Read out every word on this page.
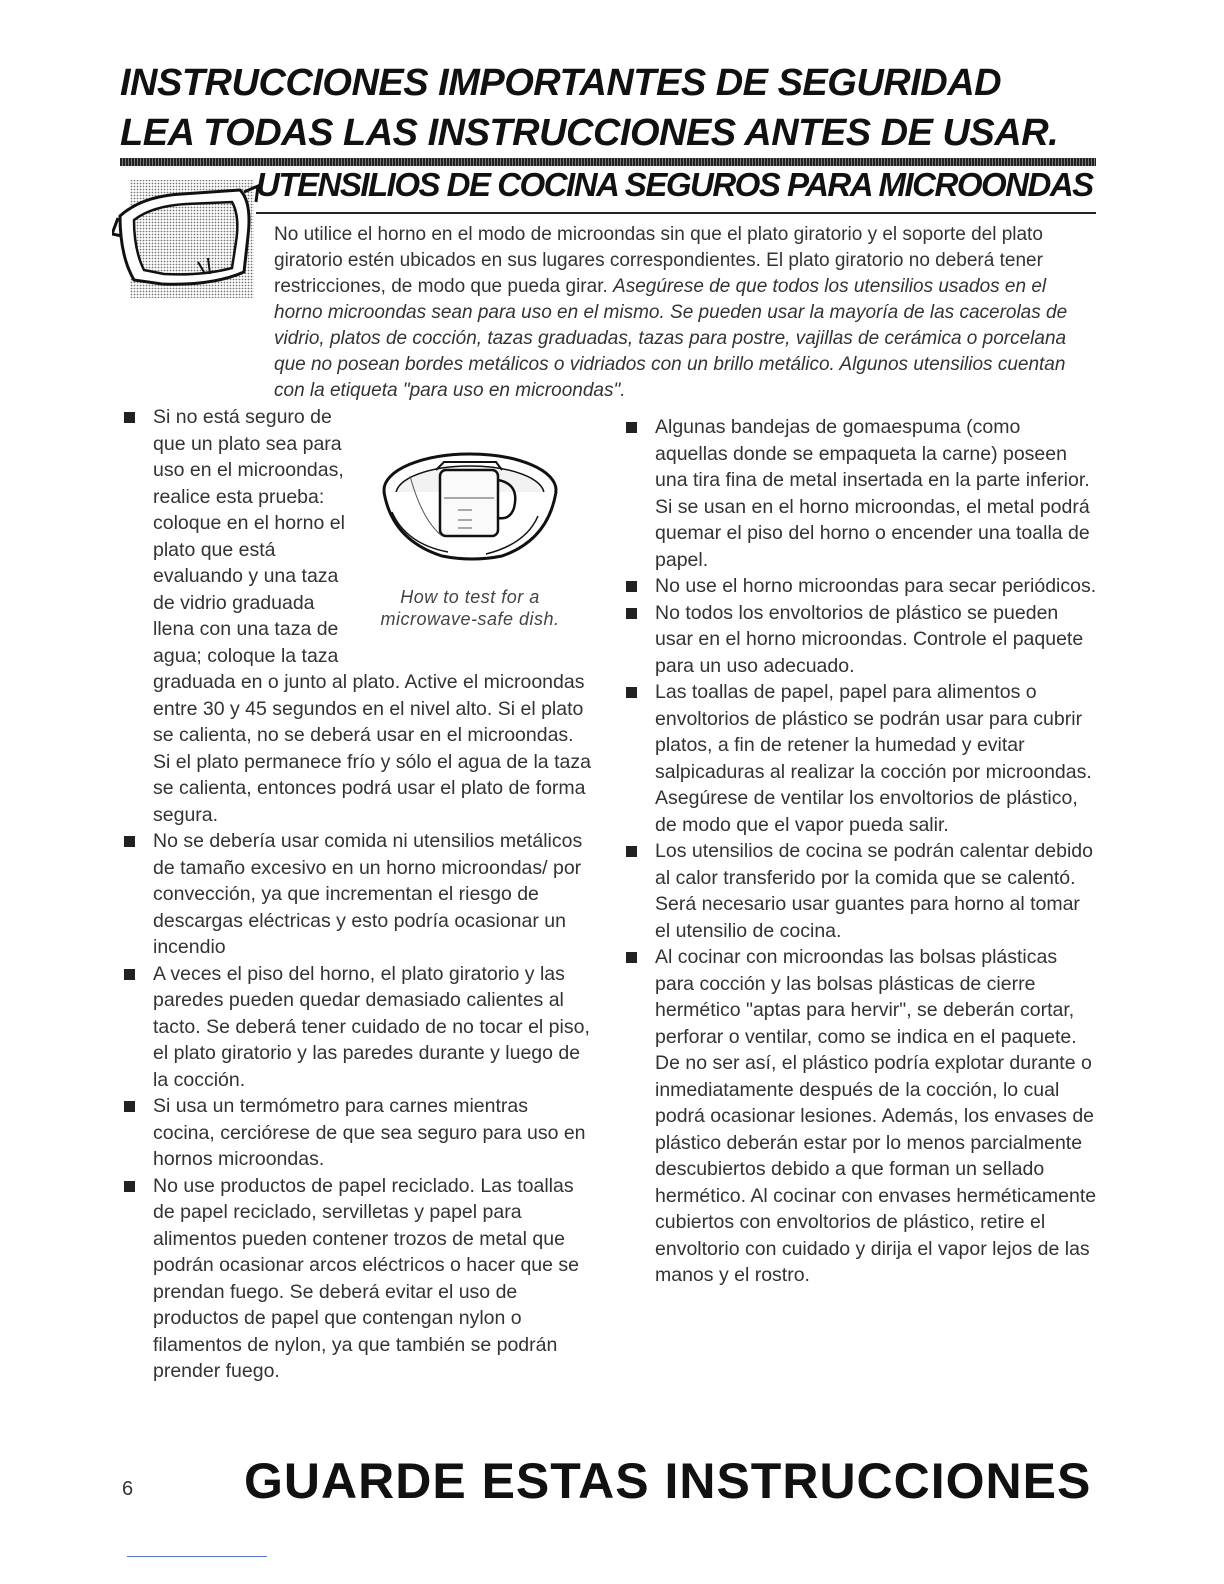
INSTRUCCIONES IMPORTANTES DE SEGURIDAD
LEA TODAS LAS INSTRUCCIONES ANTES DE USAR.
UTENSILIOS DE COCINA SEGUROS PARA MICROONDAS
No utilice el horno en el modo de microondas sin que el plato giratorio y el soporte del plato giratorio estén ubicados en sus lugares correspondientes. El plato giratorio no deberá tener restricciones, de modo que pueda girar. Asegúrese de que todos los utensilios usados en el horno microondas sean para uso en el mismo. Se pueden usar la mayoría de las cacerolas de vidrio, platos de cocción, tazas graduadas, tazas para postre, vajillas de cerámica o porcelana que no posean bordes metálicos o vidriados con un brillo metálico. Algunos utensilios cuentan con la etiqueta "para uso en microondas".
How to test for a
microwave-safe dish.
Si no está seguro de que un plato sea para uso en el microondas, realice esta prueba: coloque en el horno el plato que está evaluando y una taza de vidrio graduada llena con una taza de agua; coloque la taza graduada en o junto al plato. Active el microondas entre 30 y 45 segundos en el nivel alto. Si el plato se calienta, no se deberá usar en el microondas.

Si el plato permanece frío y sólo el agua de la taza se calienta, entonces podrá usar el plato de forma segura.

No se debería usar comida ni utensilios metálicos de tamaño excesivo en un horno microondas/ por convección, ya que incrementan el riesgo de descargas eléctricas y esto podría ocasionar un incendio
A veces el piso del horno, el plato giratorio y las paredes pueden quedar demasiado calientes al tacto. Se deberá tener cuidado de no tocar el piso, el plato giratorio y las paredes durante y luego de la cocción.
Si usa un termómetro para carnes mientras cocina, cerciórese de que sea seguro para uso en hornos microondas.
No use productos de papel reciclado. Las toallas de papel reciclado, servilletas y papel para alimentos pueden contener trozos de metal que podrán ocasionar arcos eléctricos o hacer que se prendan fuego. Se deberá evitar el uso de productos de papel que contengan nylon o filamentos de nylon, ya que también se podrán prender fuego.
Algunas bandejas de gomaespuma (como aquellas donde se empaqueta la carne) poseen una tira fina de metal insertada en la parte inferior. Si se usan en el horno microondas, el metal podrá quemar el piso del horno o encender una toalla de papel.
No use el horno microondas para secar periódicos.
No todos los envoltorios de plástico se pueden usar en el horno microondas. Controle el paquete para un uso adecuado.
Las toallas de papel, papel para alimentos o envoltorios de plástico se podrán usar para cubrir platos, a fin de retener la humedad y evitar salpicaduras al realizar la cocción por microondas. Asegúrese de ventilar los envoltorios de plástico, de modo que el vapor pueda salir.
Los utensilios de cocina se podrán calentar debido al calor transferido por la comida que se calentó. Será necesario usar guantes para horno al tomar el utensilio de cocina.
Al cocinar con microondas las bolsas plásticas para cocción y las bolsas plásticas de cierre hermético "aptas para hervir", se deberán cortar, perforar o ventilar, como se indica en el paquete. De no ser así, el plástico podría explotar durante o inmediatamente después de la cocción, lo cual podrá ocasionar lesiones. Además, los envases de plástico deberán estar por lo menos parcialmente descubiertos debido a que forman un sellado hermético. Al cocinar con envases herméticamente cubiertos con envoltorios de plástico, retire el envoltorio con cuidado y dirija el vapor lejos de las manos y el rostro.
6 GUARDE ESTAS INSTRUCCIONES
